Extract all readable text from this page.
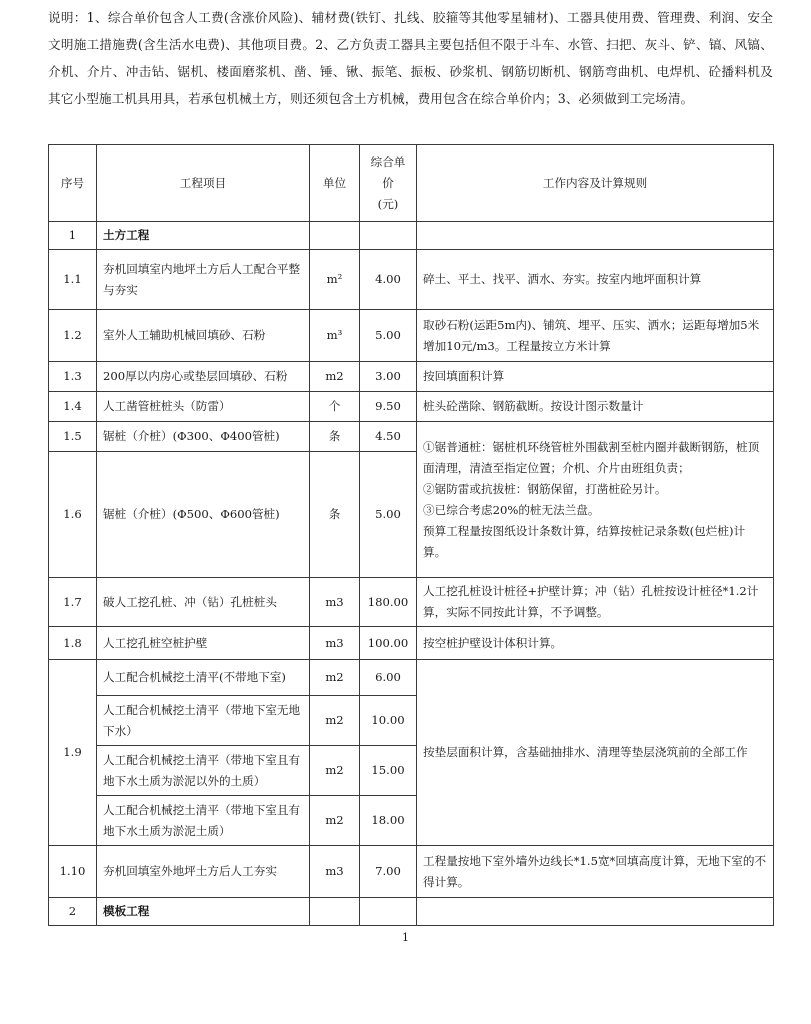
说明：1、综合单价包含人工费(含涨价风险)、辅材费(铁钉、扎线、胶箍等其他零星辅材)、工器具使用费、管理费、利润、安全文明施工措施费(含生活水电费)、其他项目费。2、乙方负责工器具主要包括但不限于斗车、水管、扫把、灰斗、铲、镐、风镐、介机、介片、冲击钻、锯机、楼面磨浆机、凿、锤、锹、振笔、振板、砂浆机、钢筋切断机、钢筋弯曲机、电焊机、砼播料机及其它小型施工机具用具，若承包机械土方，则还须包含土方机械，费用包含在综合单价内；3、必须做到工完场清。
序号	工程项目	单位	综合单
价
(元)	工作内容及计算规则
1	土方工程			
1.1	夯机回填室内地坪土方后人工配合平整与夯实	m²	4.00	碎土、平土、找平、洒水、夯实。按室内地坪面积计算
1.2	室外人工辅助机械回填砂、石粉	m³	5.00	取砂石粉(运距5m内)、铺筑、埋平、压实、洒水；运距每增加5米增加10元/m3。工程量按立方米计算
1.3	200厚以内房心或垫层回填砂、石粉	m2	3.00	按回填面积计算
1.4	人工凿管桩桩头（防雷）	个	9.50	桩头砼凿除、钢筋截断。按设计图示数量计
1.5	锯桩（介桩）(Φ300、Φ400管桩)	条	4.50	①锯普通桩：锯桩机环绕管桩外围截割至桩内圈并截断钢筋，桩顶面清理，清渣至指定位置；介机、介片由班组负责；
②锯防雷或抗拔桩：钢筋保留，打凿桩砼另计。
③已综合考虑20%的桩无法兰盘。
预算工程量按图纸设计条数计算，结算按桩记录条数(包烂桩)计算。

1.6	锯桩（介桩）(Φ500、Φ600管桩)	条	5.00	
1.7	破人工挖孔桩、冲（钻）孔桩桩头	m3	180.00	人工挖孔桩设计桩径+护壁计算；冲（钻）孔桩按设计桩径*1.2计算，实际不同按此计算，不予调整。
1.8	人工挖孔桩空桩护壁	m3	100.00	按空桩护壁设计体积计算。
1.9	人工配合机械挖土清平(不带地下室)	m2	6.00	按垫层面积计算，含基础抽排水、清理等垫层浇筑前的全部工作
	人工配合机械挖土清平（带地下室无地下水）	m2	10.00	
	人工配合机械挖土清平（带地下室且有地下水土质为淤泥以外的土质）	m2	15.00	
	人工配合机械挖土清平（带地下室且有地下水土质为淤泥土质）	m2	18.00	
1.10	夯机回填室外地坪土方后人工夯实	m3	7.00	工程量按地下室外墙外边线长*1.5宽*回填高度计算，无地下室的不得计算。
2	模板工程			
1
